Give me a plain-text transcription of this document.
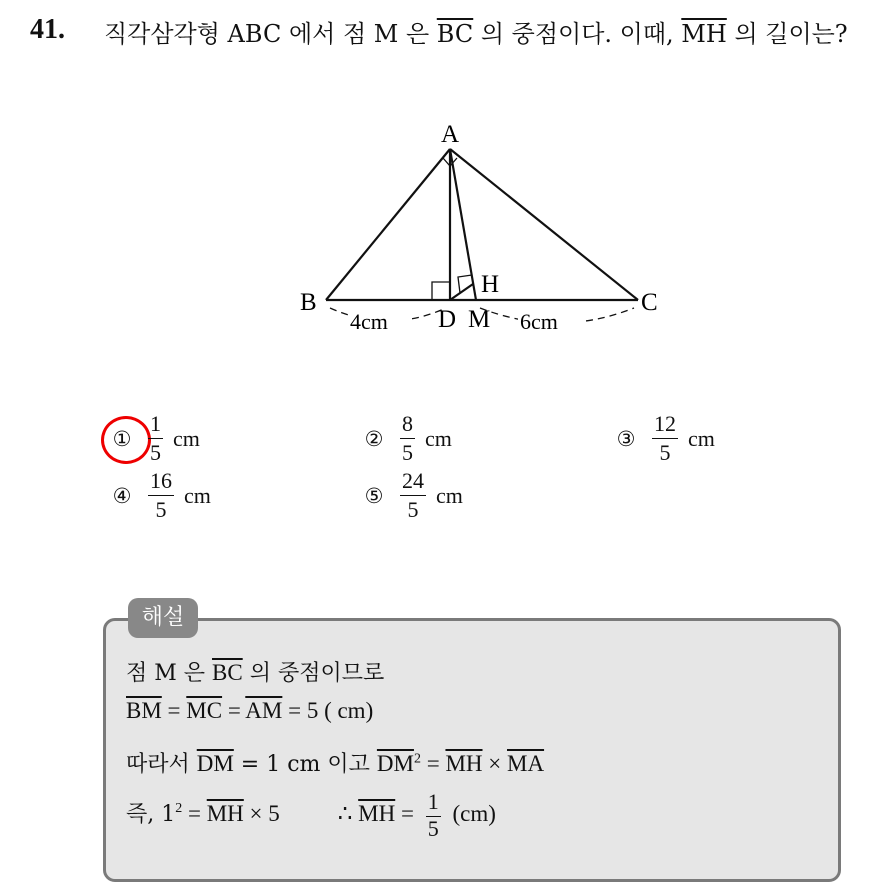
41. 직각삼각형 ABC 에서 점 M 은 $\overline{BC}$ 의 중점이다. 이때, $\overline{MH}$ 의 길이는?
A
B	C
D M
H
4cm	6cm
① $\frac{1}{5}$ cm	② $\frac{8}{5}$ cm	③ $\frac{12}{5}$ cm
④ $\frac{16}{5}$ cm	⑤ $\frac{24}{5}$ cm
해설
점 M 은 $\overline{BC}$ 의 중점이므로
$\overline{BM} = \overline{MC} = \overline{AM} = 5$ ( cm)
따라서 $\overline{DM} = 1$ cm 이고 $\overline{DM}^2 = \overline{MH} \times \overline{MA}$
즉, $1^2 = \overline{MH} \times 5$	∴ $\overline{MH} = \frac{1}{5} (cm)$
